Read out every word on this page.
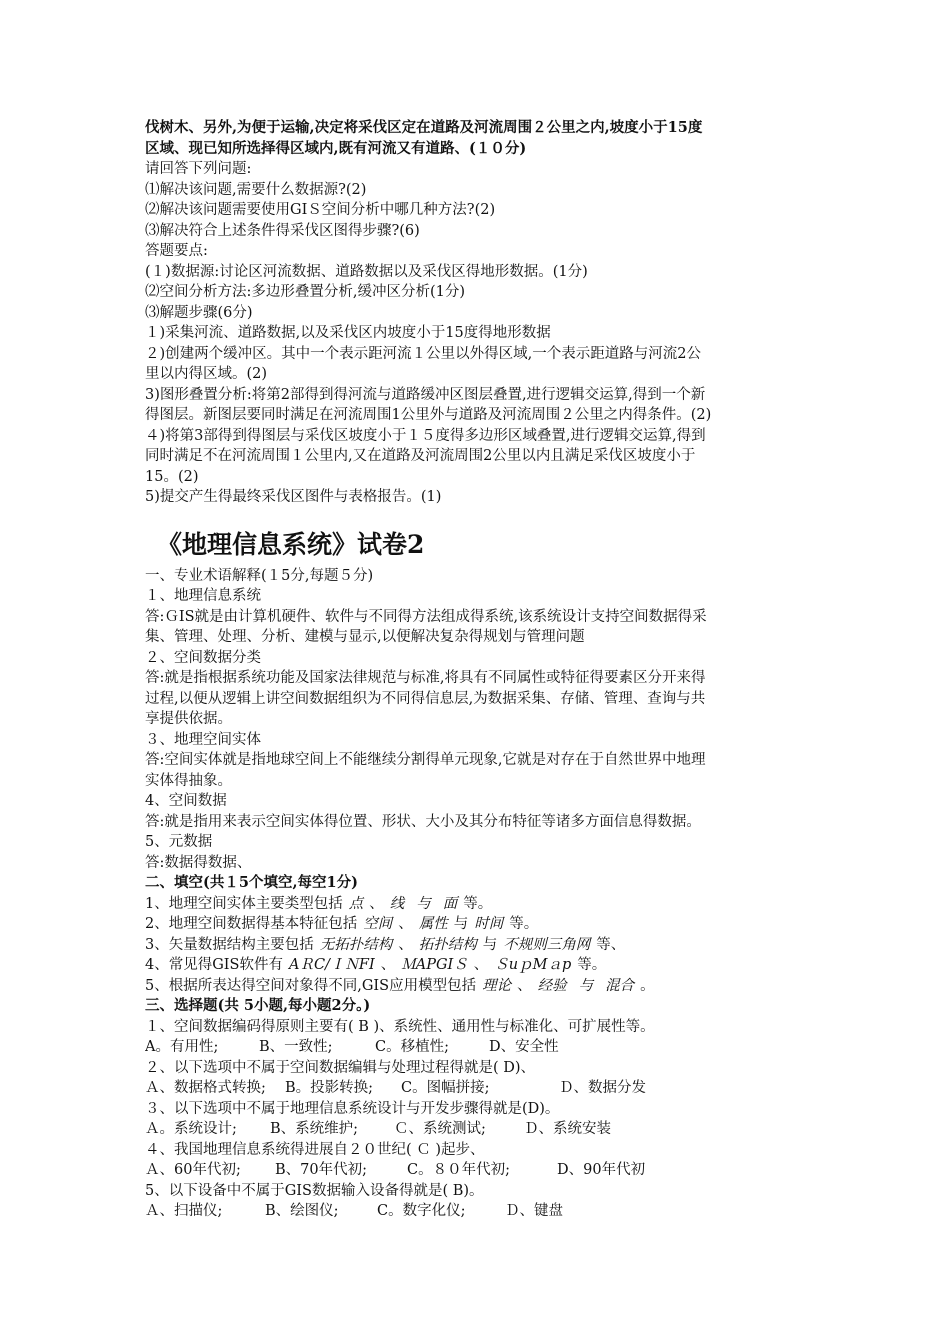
伐树木、另外,为便于运输,决定将采伐区定在道路及河流周围２公里之内,坡度小于15度
区域、现已知所选择得区域内,既有河流又有道路、(１０分)
请回答下列问题:
⑴解决该问题,需要什么数据源?(2)
⑵解决该问题需要使用GIＳ空间分析中哪几种方法?(2)
⑶解决符合上述条件得采伐区图得步骤?(6)
答题要点:
(１)数据源:讨论区河流数据、道路数据以及采伐区得地形数据。(1分)
⑵空间分析方法:多边形叠置分析,缓冲区分析(1分)
⑶解题步骤(6分)
１)采集河流、道路数据,以及采伐区内坡度小于15度得地形数据
２)创建两个缓冲区。其中一个表示距河流１公里以外得区域,一个表示距道路与河流2公
里以内得区域。(2)
3)图形叠置分析:将第2部得到得河流与道路缓冲区图层叠置,进行逻辑交运算,得到一个新
得图层。新图层要同时满足在河流周围1公里外与道路及河流周围２公里之内得条件。(2)
４)将第3部得到得图层与采伐区坡度小于１５度得多边形区域叠置,进行逻辑交运算,得到
同时满足不在河流周围１公里内,又在道路及河流周围2公里以内且满足采伐区坡度小于
15。(2)
5)提交产生得最终采伐区图件与表格报告。(1)
《地理信息系统》试卷2
一、专业术语解释(１5分,每题５分)
１、地理信息系统
答:ＧIS就是由计算机硬件、软件与不同得方法组成得系统,该系统设计支持空间数据得采
集、管理、处理、分析、建模与显示,以便解决复杂得规划与管理问题
２、空间数据分类
答:就是指根据系统功能及国家法律规范与标准,将具有不同属性或特征得要素区分开来得
过程,以便从逻辑上讲空间数据组织为不同得信息层,为数据采集、存储、管理、查询与共
享提供依据。
３、地理空间实体
答:空间实体就是指地球空间上不能继续分割得单元现象,它就是对存在于自然世界中地理
实体得抽象。
4、空间数据
答:就是指用来表示空间实体得位置、形状、大小及其分布特征等诸多方面信息得数据。
5、元数据
答:数据得数据、
二、填空(共１5个填空,每空1分)
1、地理空间实体主要类型包括 点 、 线 与 面 等。
2、地理空间数据得基本特征包括 空间 、 属性 与 时间 等。
3、矢量数据结构主要包括 无拓扑结构 、 拓扑结构 与 不规则三角网 等、
4、常见得GIS软件有 AＲC/ＩＮFI 、 ＭAPGIＳ 、 ＳuｐMａp 等。
5、根据所表达得空间对象得不同,GIS应用模型包括 理论 、 经验 与 混合 。
三、选择题(共 5小题,每小题2分。)
１、空间数据编码得原则主要有( B )、系统性、通用性与标准化、可扩展性等。
A。有用性;	B、一致性;	C。移植性;	D、安全性
２、以下选项中不属于空间数据编辑与处理过程得就是( D)、
Ａ、数据格式转换; B。投影转换; C。图幅拼接;	Ｄ、数据分发
３、以下选项中不属于地理信息系统设计与开发步骤得就是(D)。
Ａ。系统设计; B、系统维护; Ｃ、系统测试;	Ｄ、系统安装
４、我国地理信息系统得进展自２０世纪( Ｃ )起步、
Ａ、60年代初; B、70年代初;	C。８０年代初;	D、90年代初
5、以下设备中不属于GIS数据输入设备得就是( B)。
Ａ、扫描仪;	B、绘图仪;	C。数字化仪;	Ｄ、键盘
